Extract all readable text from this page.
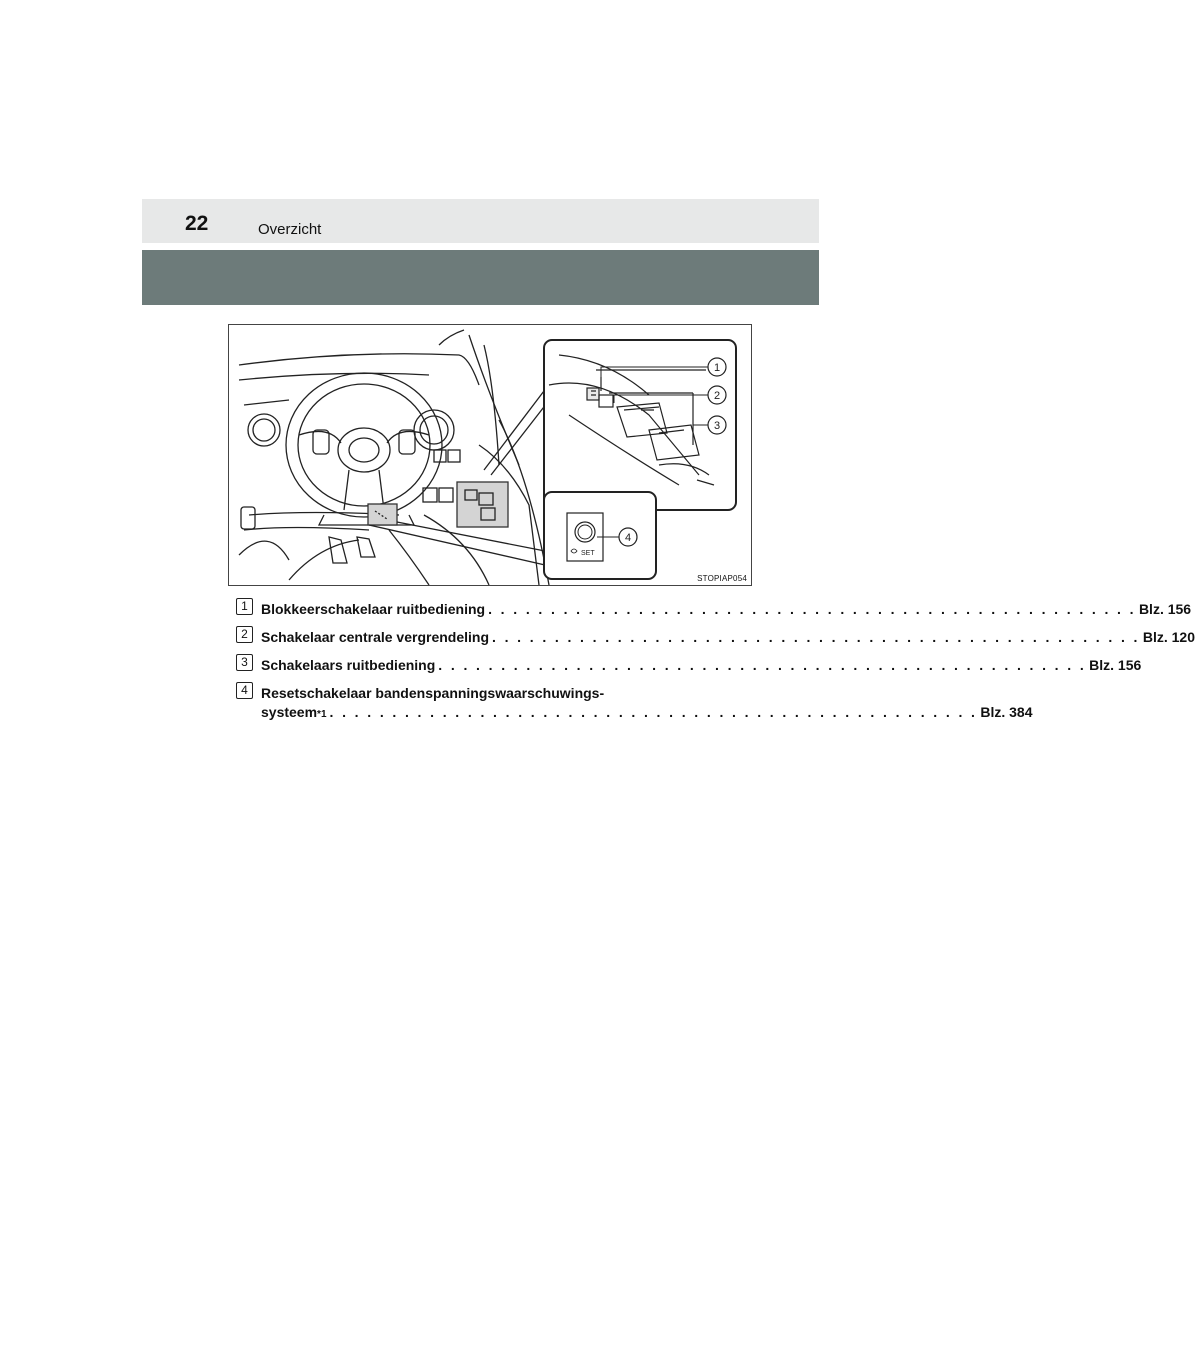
22	Overzicht
SET
1
2
3
4
STOPIAP054
1 Blokkeerschakelaar ruitbediening . . . . . . . . . . . . . . . . . . . . . . . . . . . . . . . . . . . . . . . . . . . . . . . . . . . . Blz. 156
2 Schakelaar centrale vergrendeling . . . . . . . . . . . . . . . . . . . . . . . . . . . . . . . . . . . . . . . . . . . . . . . . . . . . Blz. 120
3 Schakelaars ruitbediening . . . . . . . . . . . . . . . . . . . . . . . . . . . . . . . . . . . . . . . . . . . . . . . . . . . . Blz. 156
4 Resetschakelaar bandenspanningswaarschuwings-
systeem *1 . . . . . . . . . . . . . . . . . . . . . . . . . . . . . . . . . . . . . . . . . . . . . . . . . . . . Blz. 384
